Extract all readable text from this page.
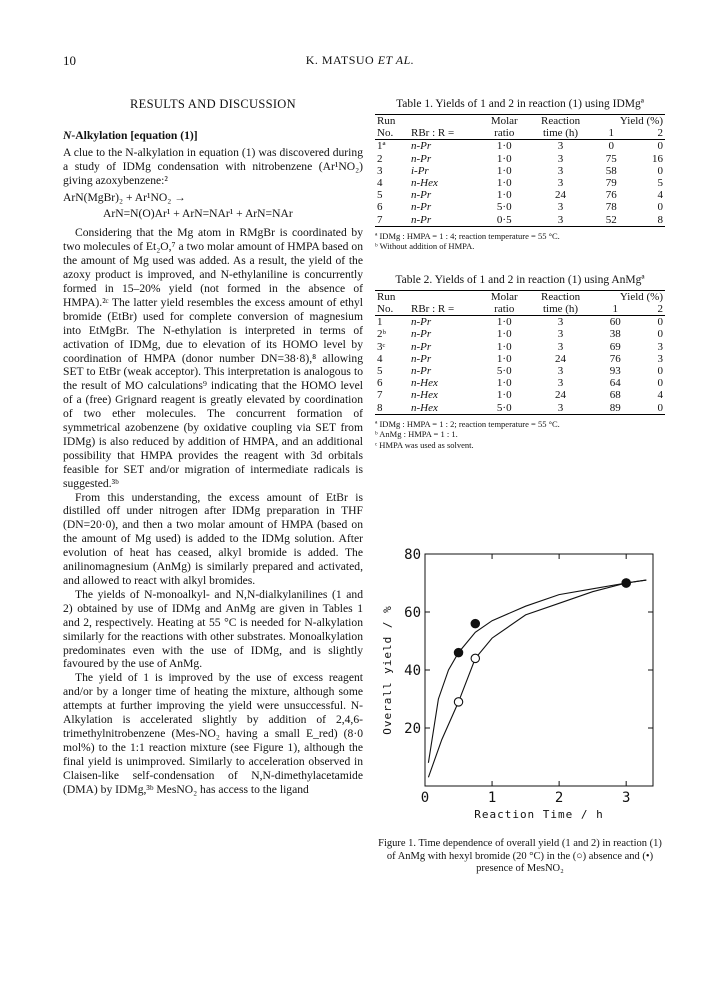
10	K. MATSUO ET AL.
RESULTS AND DISCUSSION
N-Alkylation [equation (1)]

A clue to the N-alkylation in equation (1) was discovered during a study of IDMg condensation with nitrobenzene (Ar¹NO₂) giving azoxybenzene:²

ArN(MgBr)₂ + Ar¹NO₂ →
ArN=N(O)Ar¹ + ArN=NAr¹ + ArN=NAr

Considering that the Mg atom in RMgBr is coordinated by two molecules of Et₂O,⁷ a two molar amount of HMPA based on the amount of Mg used was added. As a result, the yield of the azoxy product is improved, and N-ethylaniline is concurrently formed in 15–20% yield (not formed in the absence of HMPA).²ᶜ The latter yield resembles the excess amount of ethyl bromide (EtBr) used for complete conversion of magnesium into EtMgBr. The N-ethylation is interpreted in terms of activation of IDMg, due to elevation of its HOMO level by coordination of HMPA (donor number DN=38·8),⁸ allowing SET to EtBr (weak acceptor). This interpretation is analogous to the result of MO calculations⁹ indicating that the HOMO level of a (free) Grignard reagent is greatly elevated by coordination of two ether molecules. The concurrent formation of symmetrical azobenzene (by oxidative coupling via SET from IDMg) is also reduced by addition of HMPA, and an additional possibility that HMPA provides the reagent with 3d orbitals feasible for SET and/or migration of intermediate radicals is suggested.³ᵇ

From this understanding, the excess amount of EtBr is distilled off under nitrogen after IDMg preparation in THF (DN=20·0), and then a two molar amount of HMPA (based on the amount of Mg used) is added to the IDMg solution. After evolution of heat has ceased, alkyl bromide is added. The anilinomagnesium (AnMg) is similarly prepared and activated, and allowed to react with alkyl bromides.

The yields of N-monoalkyl- and N,N-dialkylanilines (1 and 2) obtained by use of IDMg and AnMg are given in Tables 1 and 2, respectively. Heating at 55 °C is needed for N-alkylation similarly for the reactions with other substrates. Monoalkylation predominates even with the use of IDMg, and is slightly favoured by the use of AnMg.

The yield of 1 is improved by the use of excess reagent and/or by a longer time of heating the mixture, although some attempts at further improving the yield were unsuccessful. N-Alkylation is accelerated slightly by addition of 2,4,6-trimethylnitrobenzene (Mes-NO₂ having a small E_red) (8·0 mol%) to the 1:1 reaction mixture (see Figure 1), although the final yield is unimproved. Similarly to acceleration observed in Claisen-like self-condensation of N,N-dimethylacetamide (DMA) by IDMg,³ᵇ MesNO₂ has access to the ligand

Table 1. Yields of 1 and 2 in reaction (1) using IDMgª
Run		Molar	Reaction	Yield (%)	
No.	RBr : R =	ratio	time (h)	1	2
1ª	n-Pr	1·0	3	0	0
2	n-Pr	1·0	3	75	16
3	i-Pr	1·0	3	58	0
4	n-Hex	1·0	3	79	5
5	n-Pr	1·0	24	76	4
6	n-Pr	5·0	3	78	0
7	n-Pr	0·5	3	52	8
ª IDMg : HMPA = 1 : 4; reaction temperature = 55 °C.
ᵇ Without addition of HMPA.
Table 2. Yields of 1 and 2 in reaction (1) using AnMgª
Run		Molar	Reaction	Yield (%)	
No.	RBr : R =	ratio	time (h)	1	2
1	n-Pr	1·0	3	60	0
2ᵇ	n-Pr	1·0	3	38	0
3ᶜ	n-Pr	1·0	3	69	3
4	n-Pr	1·0	24	76	3
5	n-Pr	5·0	3	93	0
6	n-Hex	1·0	3	64	0
7	n-Hex	1·0	24	68	4
8	n-Hex	5·0	3	89	0
ª IDMg : HMPA = 1 : 2; reaction temperature = 55 °C.
ᵇ AnMg : HMPA = 1 : 1.
ᶜ HMPA was used as solvent.
20
40
60
80
0	1	2	3
Reaction Time / h
Overall yield / %
Figure 1. Time dependence of overall yield (1 and 2) in reaction (1) of AnMg with hexyl bromide (20 °C) in the (○) absence and (•) presence of MesNO₂
